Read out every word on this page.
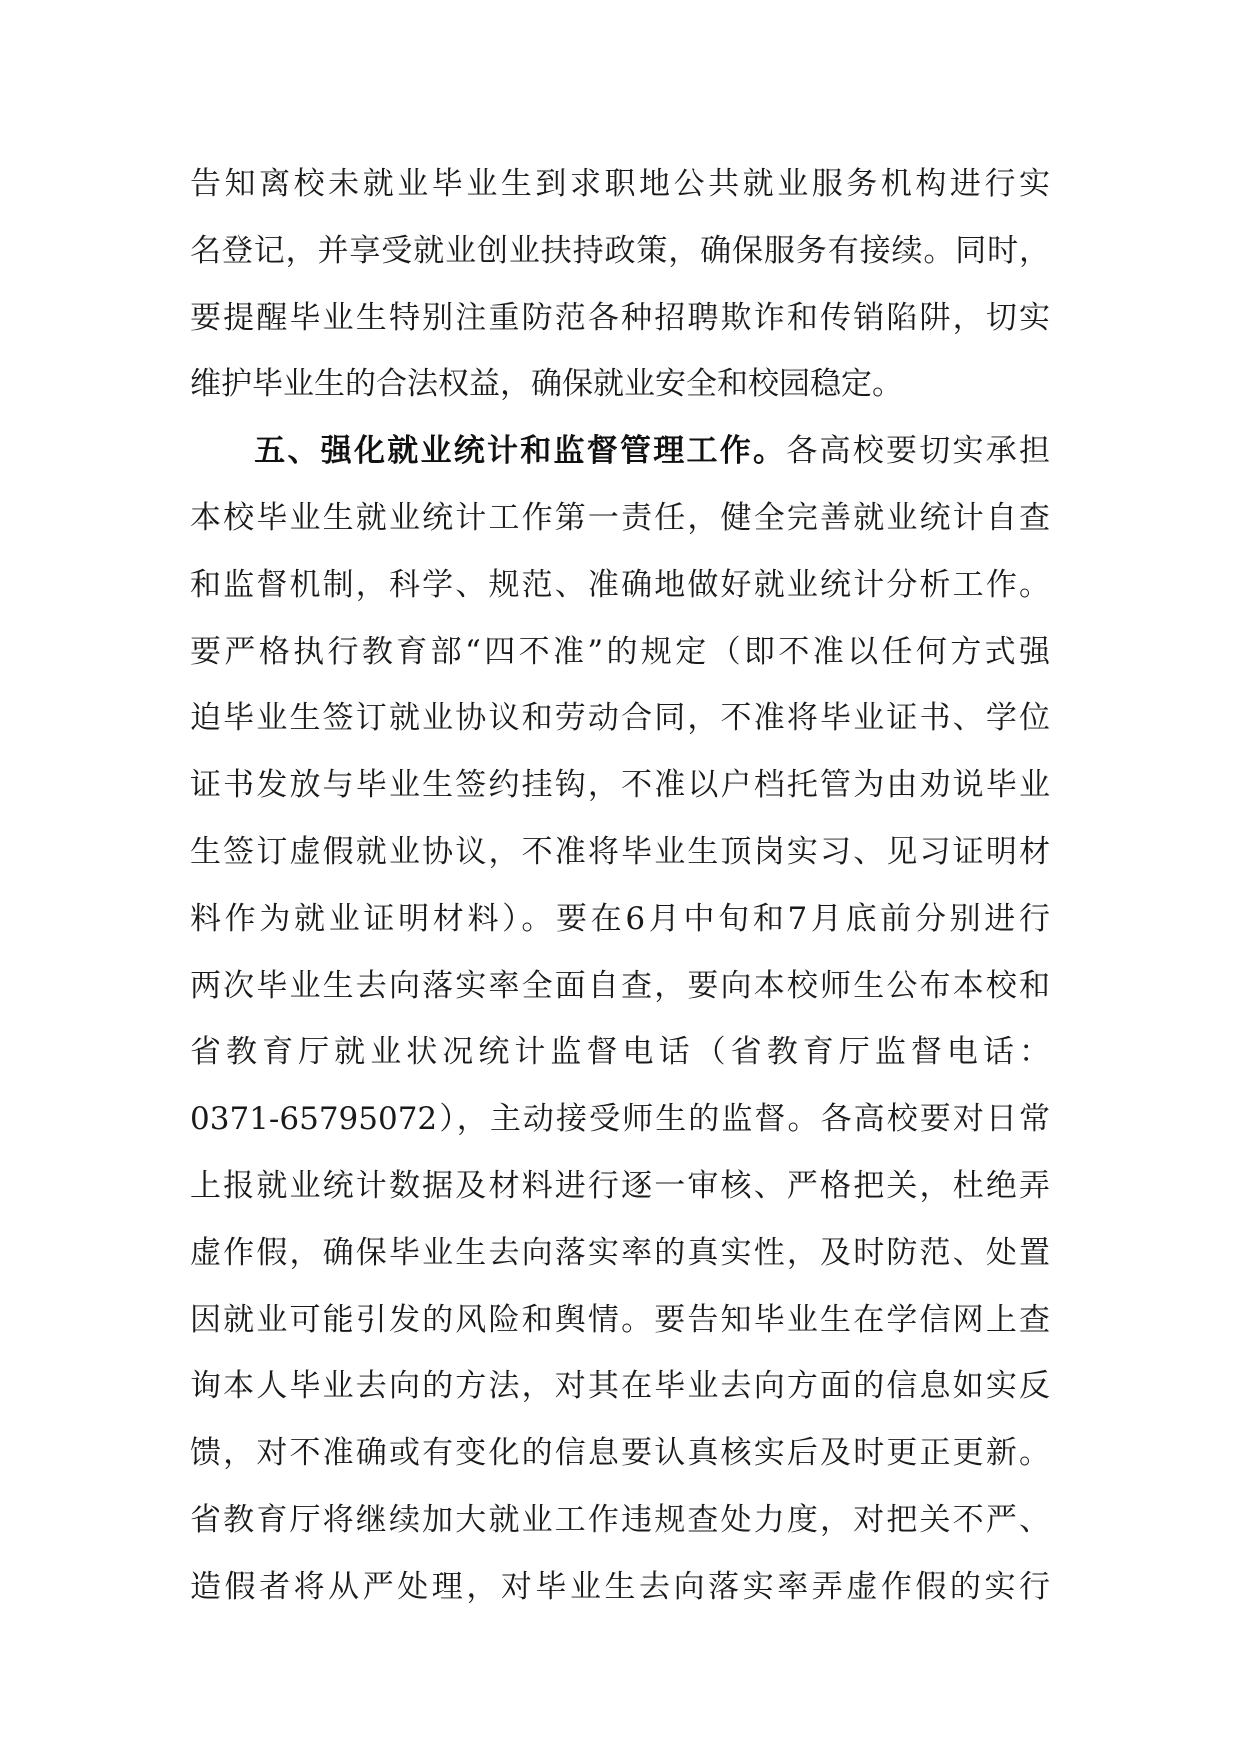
告知离校未就业毕业生到求职地公共就业服务机构进行实
名登记，并享受就业创业扶持政策，确保服务有接续。同时，
要提醒毕业生特别注重防范各种招聘欺诈和传销陷阱，切实
维护毕业生的合法权益，确保就业安全和校园稳定。
五、强化就业统计和监督管理工作。各高校要切实承担
本校毕业生就业统计工作第一责任，健全完善就业统计自查
和监督机制，科学、规范、准确地做好就业统计分析工作。
要严格执行教育部“四不准”的规定（即不准以任何方式强
迫毕业生签订就业协议和劳动合同，不准将毕业证书、学位
证书发放与毕业生签约挂钩，不准以户档托管为由劝说毕业
生签订虚假就业协议，不准将毕业生顶岗实习、见习证明材
料作为就业证明材料）。要在6月中旬和7月底前分别进行
两次毕业生去向落实率全面自查，要向本校师生公布本校和
省教育厅就业状况统计监督电话（省教育厅监督电话：
0371-65795072），主动接受师生的监督。各高校要对日常
上报就业统计数据及材料进行逐一审核、严格把关，杜绝弄
虚作假，确保毕业生去向落实率的真实性，及时防范、处置
因就业可能引发的风险和舆情。要告知毕业生在学信网上查
询本人毕业去向的方法，对其在毕业去向方面的信息如实反
馈，对不准确或有变化的信息要认真核实后及时更正更新。
省教育厅将继续加大就业工作违规查处力度，对把关不严、
造假者将从严处理，对毕业生去向落实率弄虚作假的实行
